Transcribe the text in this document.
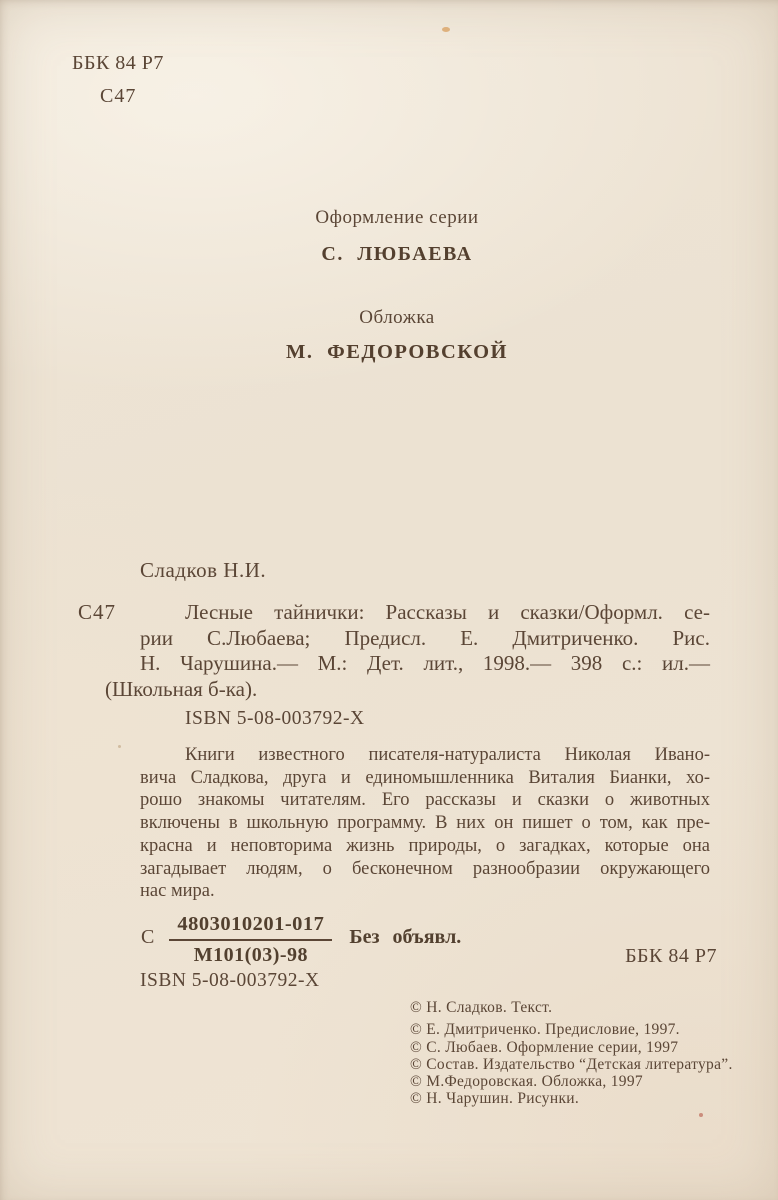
ББК 84 Р7
С47
Оформление серии
С. ЛЮБАЕВА
Обложка
М. ФЕДОРОВСКОЙ
Сладков Н.И.
С47	Лесные тайнички: Рассказы и сказки/Оформл. се-
рии С.Любаева; Предисл. Е. Дмитриченко. Рис.
Н. Чарушина.— М.: Дет. лит., 1998.— 398 с.: ил.—
(Школьная б-ка).
ISBN 5-08-003792-X
Книги известного писателя-натуралиста Николая Ивано-
вича Сладкова, друга и единомышленника Виталия Бианки, хо-
рошо знакомы читателям. Его рассказы и сказки о животных
включены в школьную программу. В них он пишет о том, как пре-
красна и неповторима жизнь природы, о загадках, которые она
загадывает людям, о бесконечном разнообразии окружающего
нас мира.
С $\frac{4803010201-017}{М101(03)-98}$ Без объявл.
ББК 84 Р7
ISBN 5-08-003792-X
© Н. Сладков. Текст.
© Е. Дмитриченко. Предисловие, 1997.
© С. Любаев. Оформление серии, 1997
© Состав. Издательство “Детская литература”.
© М.Федоровская. Обложка, 1997
© Н. Чарушин. Рисунки.
